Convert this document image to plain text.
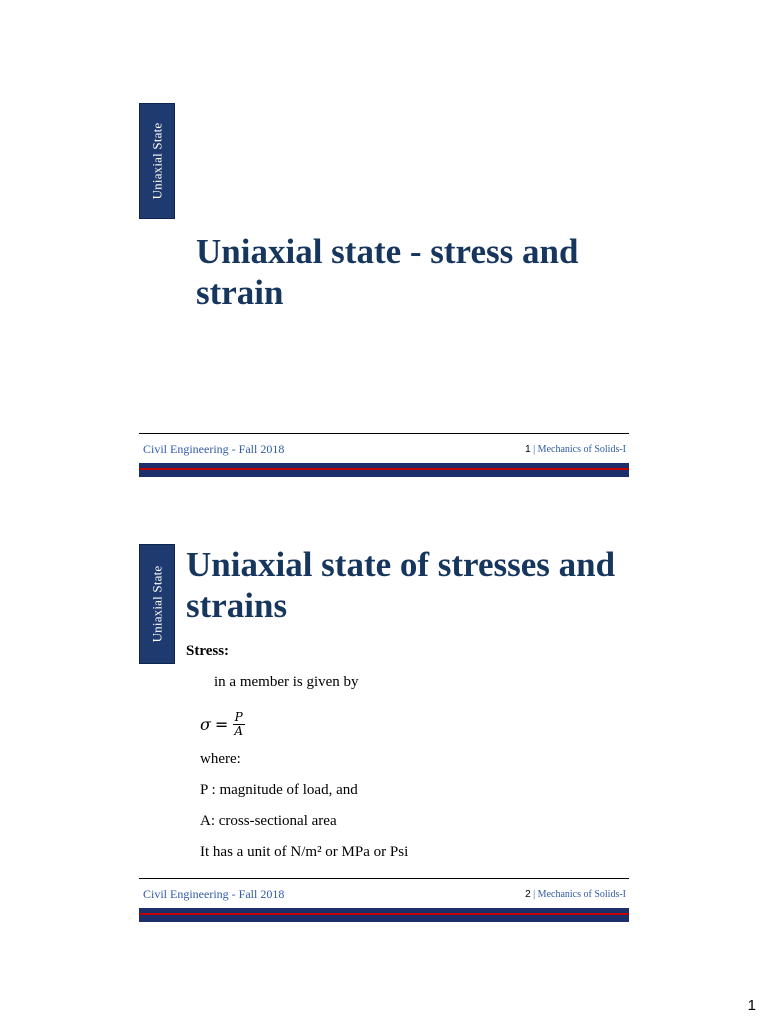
Uniaxial State
Uniaxial state - stress and strain
Civil Engineering - Fall 2018	1 | Mechanics of Solids-I
Uniaxial State
Uniaxial state of stresses and strains
Stress:
in a member is given by
$\sigma = \frac{P}{A}$
where:
P : magnitude of load, and
A: cross-sectional area
It has a unit of N/m² or MPa or Psi
Civil Engineering - Fall 2018	2 | Mechanics of Solids-I
1
